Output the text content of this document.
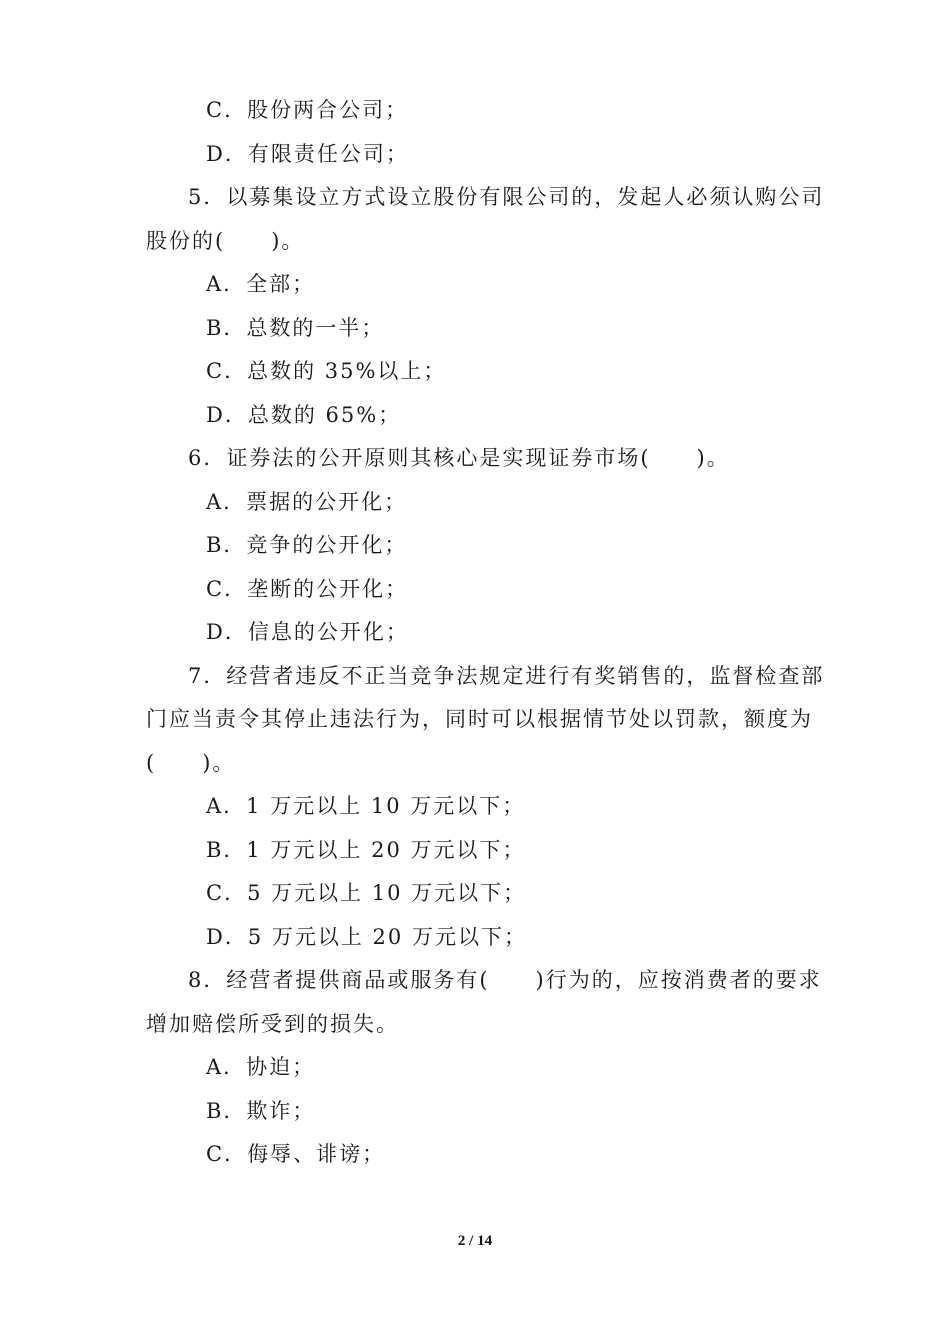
C．股份两合公司；
D．有限责任公司；
5．以募集设立方式设立股份有限公司的，发起人必须认购公司
股份的(　　)。
A．全部；
B．总数的一半；
C．总数的 35%以上；
D．总数的 65%；
6．证券法的公开原则其核心是实现证券市场(　　)。
A．票据的公开化；
B．竞争的公开化；
C．垄断的公开化；
D．信息的公开化；
7．经营者违反不正当竞争法规定进行有奖销售的，监督检查部
门应当责令其停止违法行为，同时可以根据情节处以罚款，额度为
(　　)。
A．1 万元以上 10 万元以下；
B．1 万元以上 20 万元以下；
C．5 万元以上 10 万元以下；
D．5 万元以上 20 万元以下；
8．经营者提供商品或服务有(　　)行为的，应按消费者的要求
增加赔偿所受到的损失。
A．协迫；
B．欺诈；
C．侮辱、诽谤；
2 / 14
